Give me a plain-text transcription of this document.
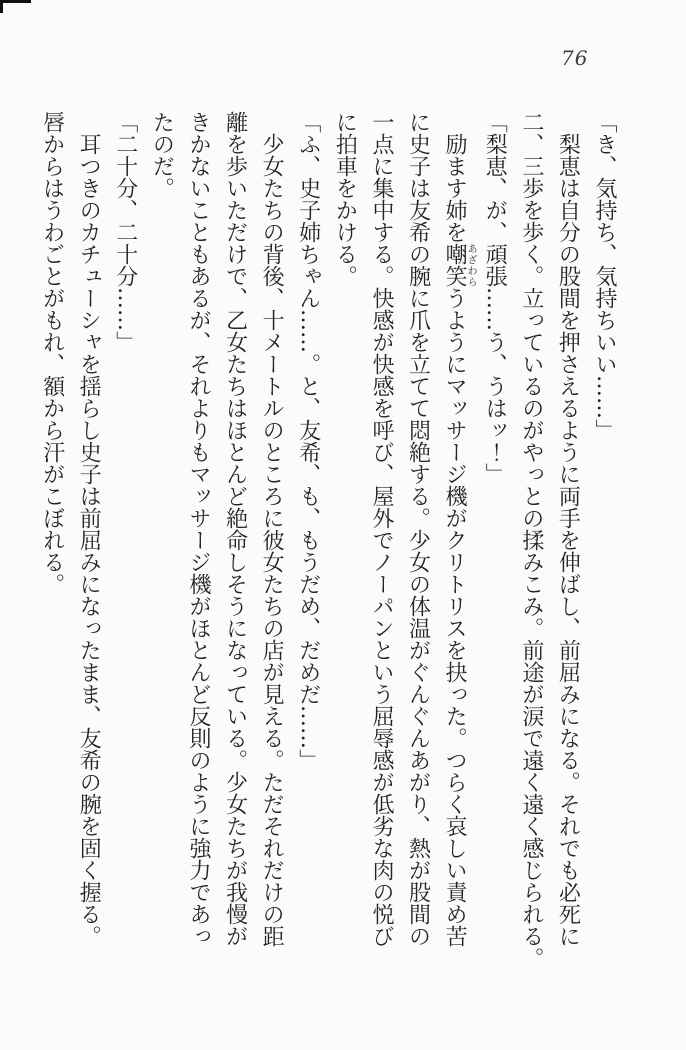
76

「き、気持ち、気持ちいい……」

梨恵は自分の股間を押さえるように両手を伸ばし、前屈みになる。それでも必死に

二、三歩を歩く。立っているのがやっとの揉みこみ。前途が涙で遠く遠く感じられる。

「梨恵、が、頑張……う、うはッ！」

励ます姉を嘲笑あざわらうようにマッサージ機がクリトリスを抉った。つらく哀しい責め苦

に史子は友希の腕に爪を立てて悶絶する。少女の体温がぐんぐんあがり、熱が股間の

一点に集中する。快感が快感を呼び、屋外でノーパンという屈辱感が低劣な肉の悦び

に拍車をかける。

「ふ、史子姉ちゃん……。と、友希、も、もうだめ、だめだ……」

少女たちの背後、十メートルのところに彼女たちの店が見える。ただそれだけの距

離を歩いただけで、乙女たちはほとんど絶命しそうになっている。少女たちが我慢が

きかないこともあるが、それよりもマッサージ機がほとんど反則のように強力であっ

たのだ。

「二十分、二十分……」

耳つきのカチューシャを揺らし史子は前屈みになったまま、友希の腕を固く握る。

唇からはうわごとがもれ、額から汗がこぼれる。
